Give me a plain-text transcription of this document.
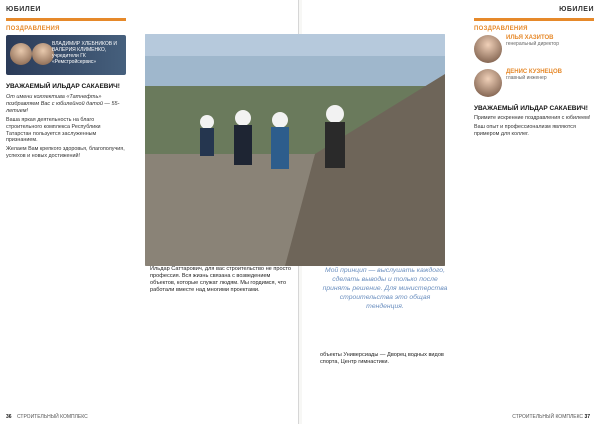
ЮБИЛЕИ
ПОЗДРАВЛЕНИЯ
ВЛАДИМИР ХЛЕБНИКОВ И ВАЛЕРИЯ КЛИМЕНКО, учредители ГК «Ремстройсервис»
УВАЖАЕМЫЙ ИЛЬДАР САКАЕВИЧ!
От имени коллектива «Татнефть» поздравляем Вас с юбилейной датой — 55-летием!
Ваша яркая деятельность на благо строительного комплекса Республики Татарстан пользуется заслуженным признанием.
Желаем Вам крепкого здоровья, благополучия, успехов и новых достижений!
36 СТРОИТЕЛЬНЫЙ КОМПЛЕКС
ЮБИЛЕИ
ПОЗДРАВЛЕНИЯ
ИЛЬЯ ХАЗИТОВ
генеральный директор
ДЕНИС КУЗНЕЦОВ
главный инженер
УВАЖАЕМЫЙ ИЛЬДАР САКАЕВИЧ!
Примите искренние поздравления с юбилеем!
Ваш опыт и профессионализм являются примером для коллег.
СТРОИТЕЛЬНЫЙ КОМПЛЕКС 37
Ильдар Саттарович, для вас строительство не просто профессия. Вся жизнь связана с возведением объектов, которые служат людям. Мы гордимся, что работали вместе над многими проектами.
Мой принцип — выслушать каждого, сделать выводы и только после принять решение. Для министерства строительства это общая тенденция.
объекты Универсиады — Дворец водных видов спорта, Центр гимнастики.
